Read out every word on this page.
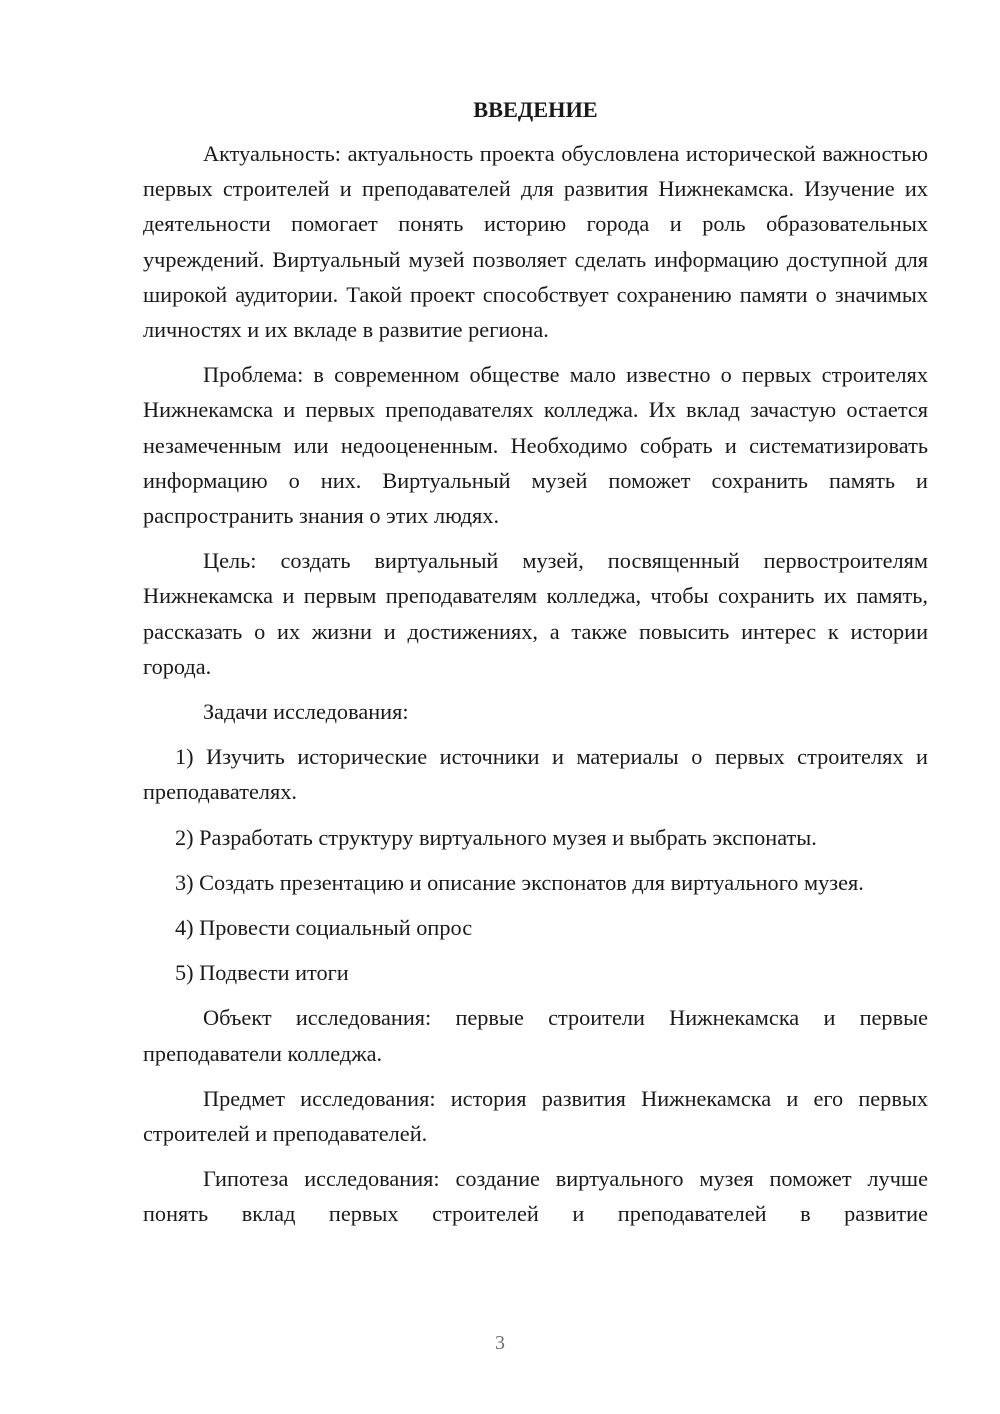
ВВЕДЕНИЕ

Актуальность: актуальность проекта обусловлена исторической важностью первых строителей и преподавателей для развития Нижнекамска. Изучение их деятельности помогает понять историю города и роль образовательных учреждений. Виртуальный музей позволяет сделать информацию доступной для широкой аудитории. Такой проект способствует сохранению памяти о значимых личностях и их вкладе в развитие региона.

Проблема: в современном обществе мало известно о первых строителях Нижнекамска и первых преподавателях колледжа. Их вклад зачастую остается незамеченным или недооцененным. Необходимо собрать и систематизировать информацию о них. Виртуальный музей поможет сохранить память и распространить знания о этих людях.

Цель: создать виртуальный музей, посвященный первостроителям Нижнекамска и первым преподавателям колледжа, чтобы сохранить их память, рассказать о их жизни и достижениях, а также повысить интерес к истории города.

Задачи исследования:

1) Изучить исторические источники и материалы о первых строителях и преподавателях.

2) Разработать структуру виртуального музея и выбрать экспонаты.

3) Создать презентацию и описание экспонатов для виртуального музея.

4) Провести социальный опрос

5) Подвести итоги

Объект исследования: первые строители Нижнекамска и первые преподаватели колледжа.

Предмет исследования: история развития Нижнекамска и его первых строителей и преподавателей.

Гипотеза исследования: создание виртуального музея поможет лучше понять вклад первых строителей и преподавателей в развитие

3
